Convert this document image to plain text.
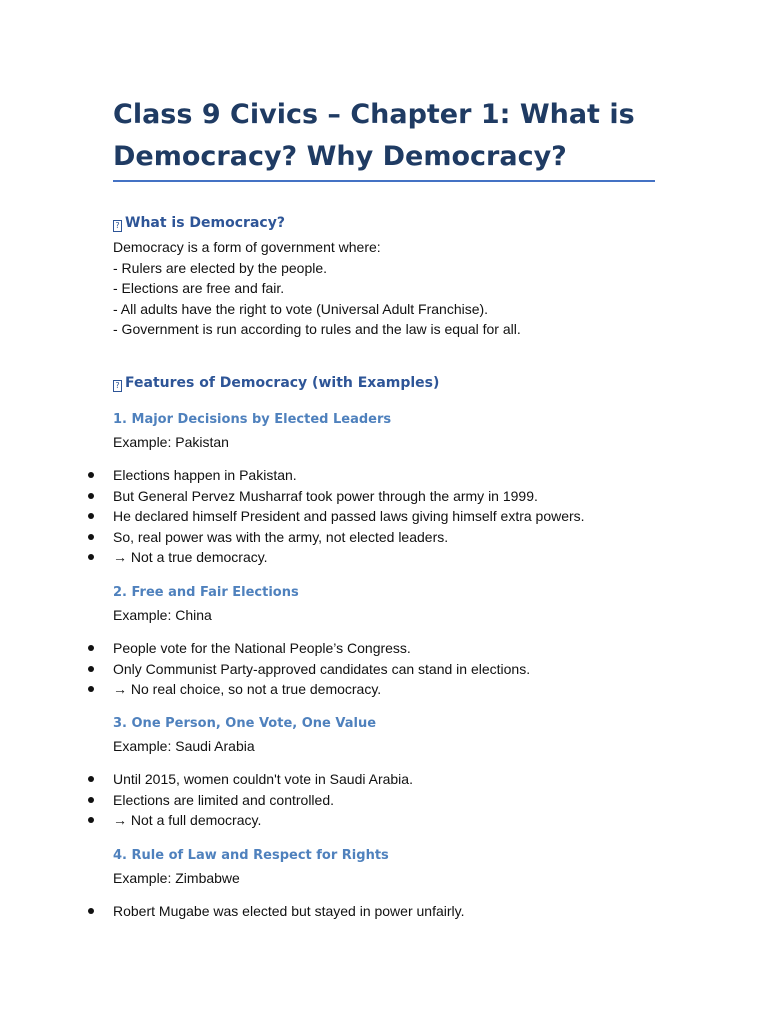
Class 9 Civics – Chapter 1: What is Democracy? Why Democracy?
? What is Democracy?
Democracy is a form of government where:
- Rulers are elected by the people.
- Elections are free and fair.
- All adults have the right to vote (Universal Adult Franchise).
- Government is run according to rules and the law is equal for all.
? Features of Democracy (with Examples)
1. Major Decisions by Elected Leaders
Example: Pakistan
Elections happen in Pakistan.
But General Pervez Musharraf took power through the army in 1999.
He declared himself President and passed laws giving himself extra powers.
So, real power was with the army, not elected leaders.
→ Not a true democracy.
2. Free and Fair Elections
Example: China
People vote for the National People’s Congress.
Only Communist Party-approved candidates can stand in elections.
→ No real choice, so not a true democracy.
3. One Person, One Vote, One Value
Example: Saudi Arabia
Until 2015, women couldn't vote in Saudi Arabia.
Elections are limited and controlled.
→ Not a full democracy.
4. Rule of Law and Respect for Rights
Example: Zimbabwe
Robert Mugabe was elected but stayed in power unfairly.
